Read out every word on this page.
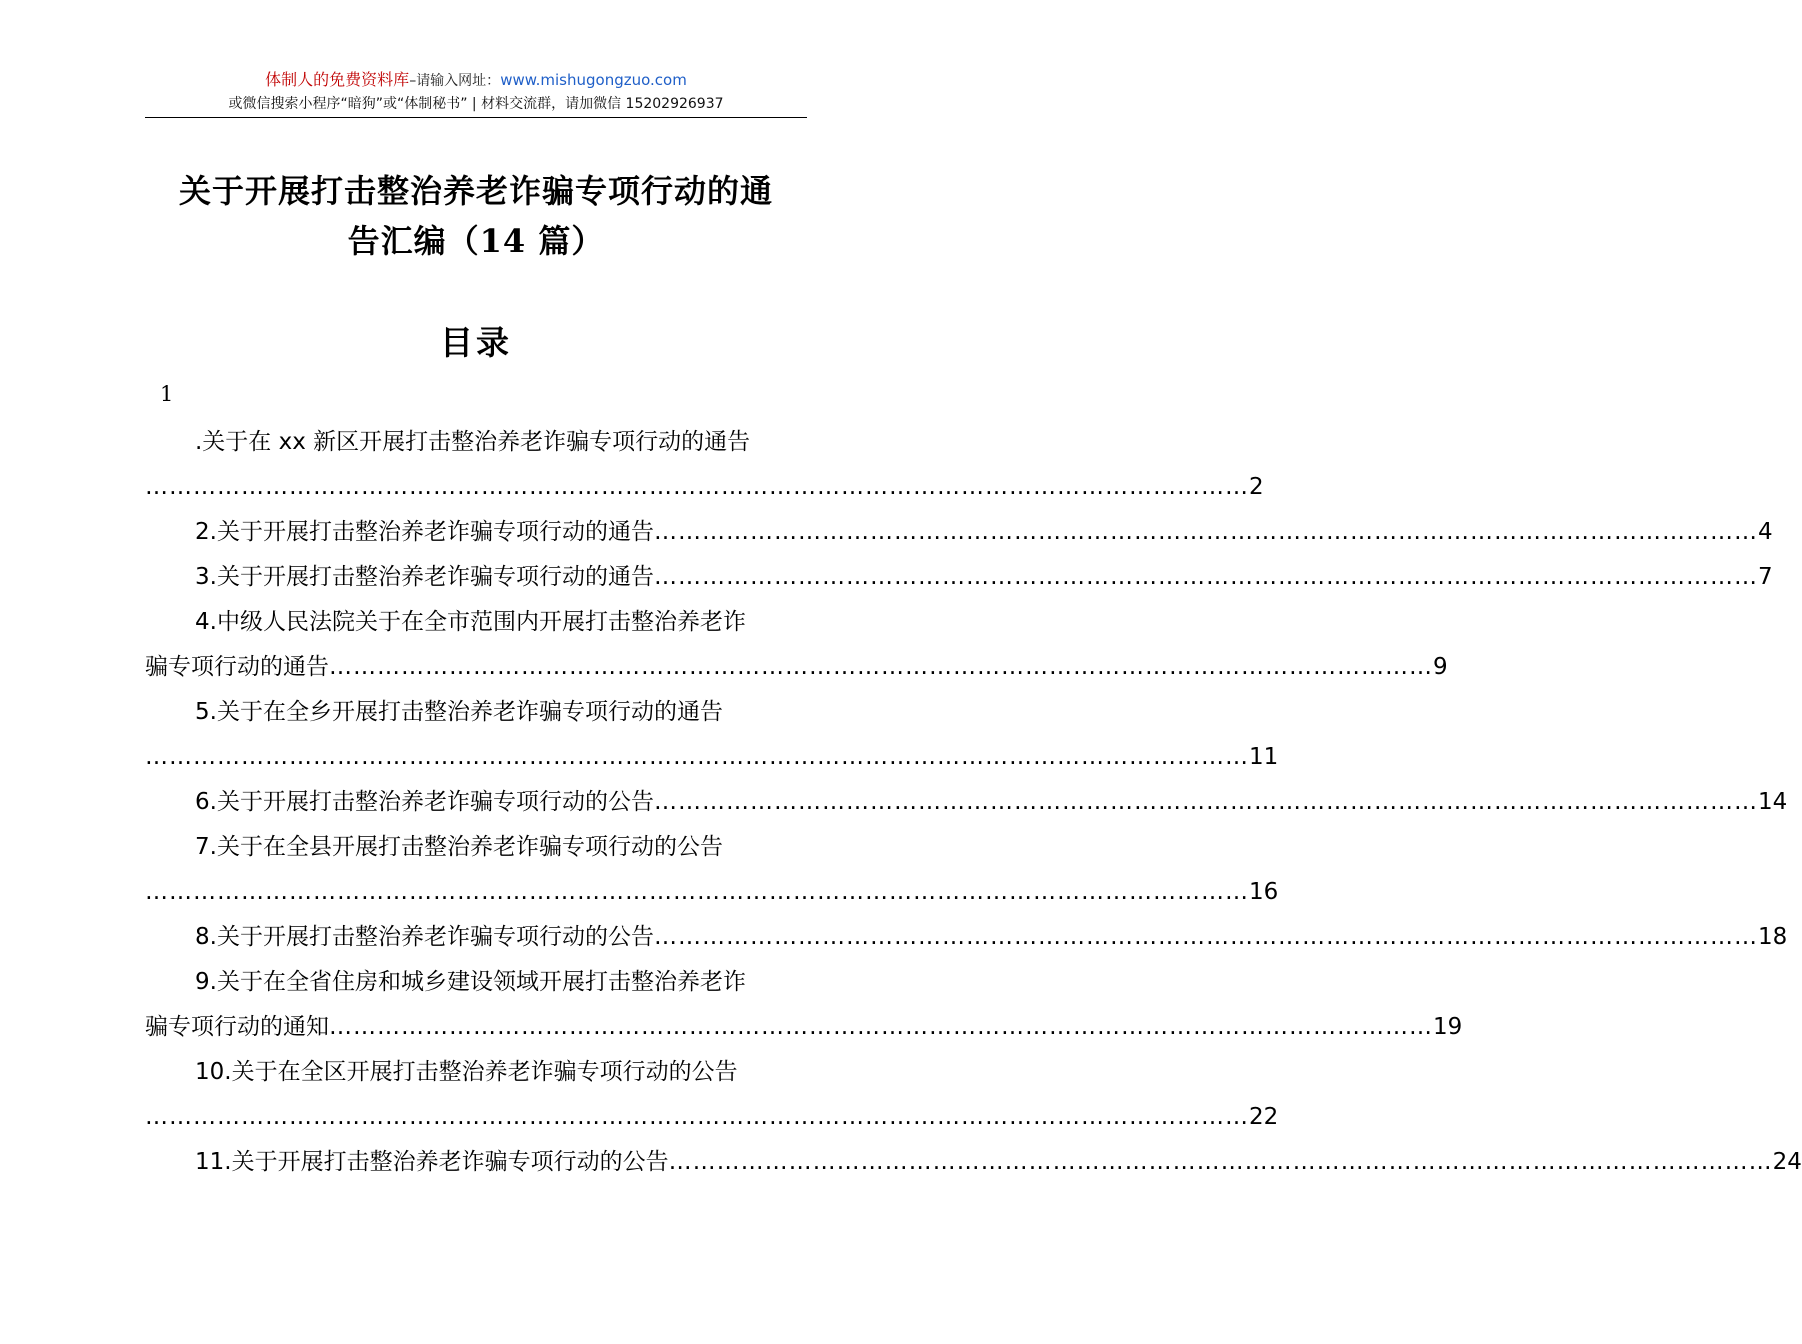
体制人的免费资料库–请输入网址：www.mishugongzuo.com
或微信搜索小程序“暗狗”或“体制秘书” | 材料交流群，请加微信 15202926937
关于开展打击整治养老诈骗专项行动的通
告汇编（14 篇）
目录
1
.关于在 xx 新区开展打击整治养老诈骗专项行动的通告
………………………………………………………………………………………………………………………… 2
2.关于开展打击整治养老诈骗专项行动的通告 ………………………………………………………………………………………………………………………… 4
3.关于开展打击整治养老诈骗专项行动的通告 ………………………………………………………………………………………………………………………… 7
4.中级人民法院关于在全市范围内开展打击整治养老诈
骗专项行动的通告 ………………………………………………………………………………………………………………………… 9
5.关于在全乡开展打击整治养老诈骗专项行动的通告
………………………………………………………………………………………………………………………… 11
6.关于开展打击整治养老诈骗专项行动的公告 ………………………………………………………………………………………………………………………… 14
7.关于在全县开展打击整治养老诈骗专项行动的公告
………………………………………………………………………………………………………………………… 16
8.关于开展打击整治养老诈骗专项行动的公告 ………………………………………………………………………………………………………………………… 18
9.关于在全省住房和城乡建设领域开展打击整治养老诈
骗专项行动的通知 ………………………………………………………………………………………………………………………… 19
10.关于在全区开展打击整治养老诈骗专项行动的公告
………………………………………………………………………………………………………………………… 22
11.关于开展打击整治养老诈骗专项行动的公告 ………………………………………………………………………………………………………………………… 24
